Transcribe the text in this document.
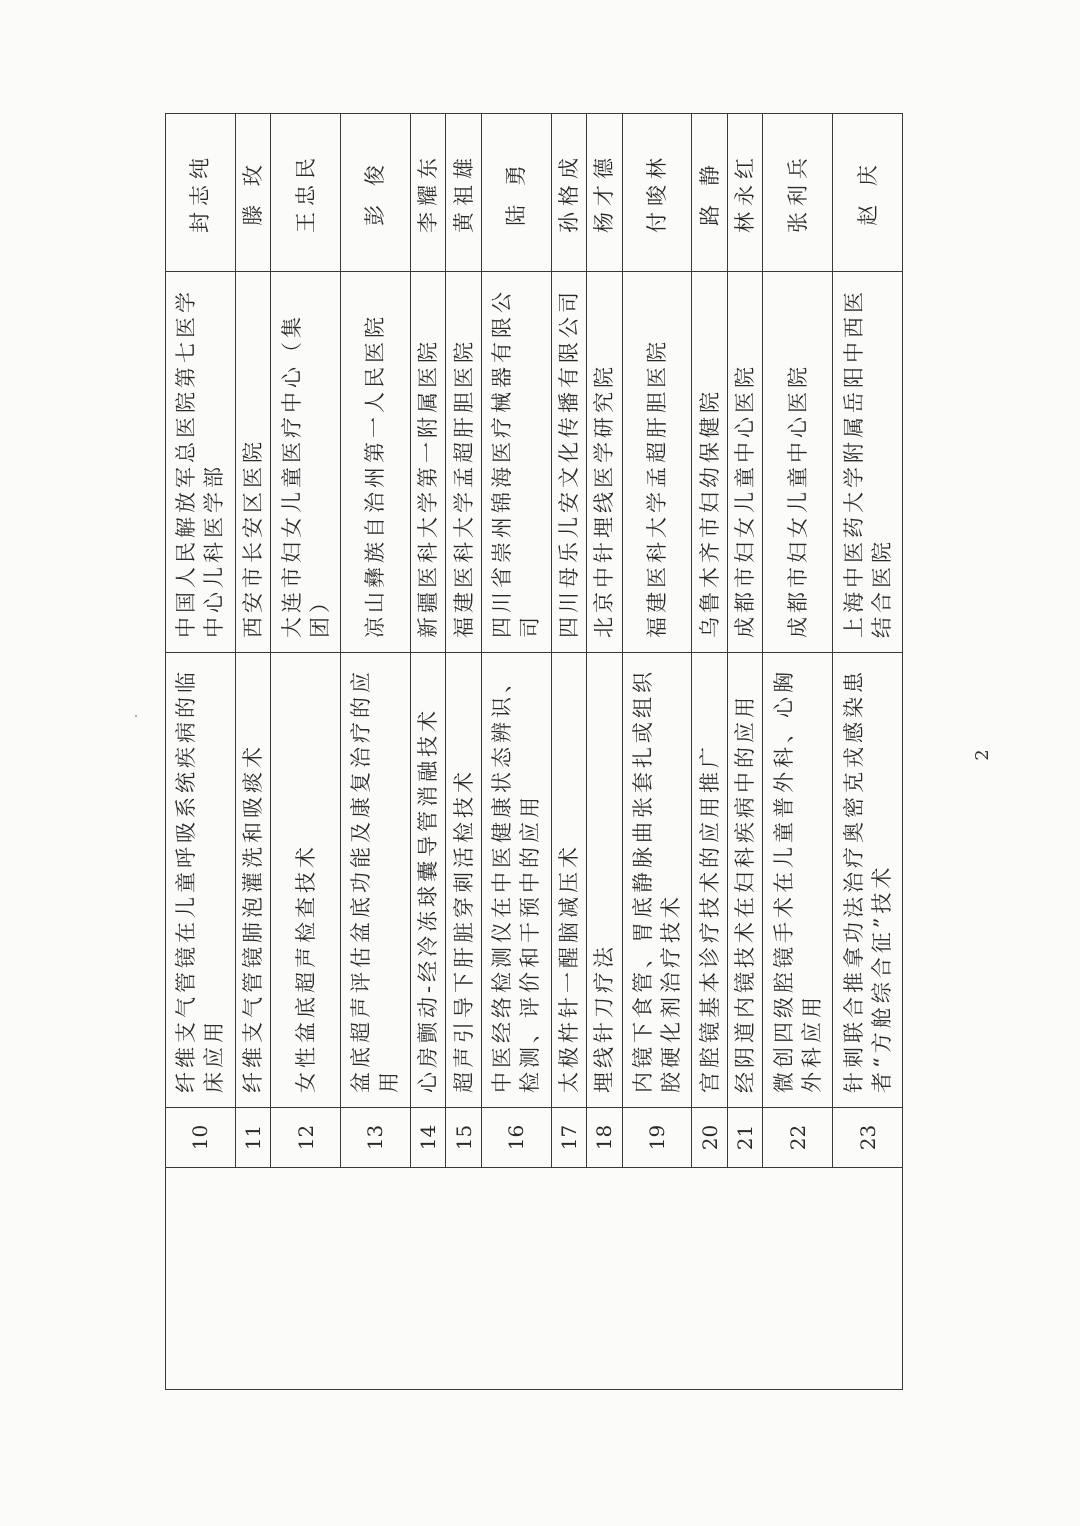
	10	纤维支气管镜在儿童呼吸系统疾病的临床应用	中国人民解放军总医院第七医学中心儿科医学部	封志纯
	11	纤维支气管镜肺泡灌洗和吸痰术	西安市长安区医院	滕 玫
	12	女性盆底超声检查技术	大连市妇女儿童医疗中心（集团）	王忠民
	13	盆底超声评估盆底功能及康复治疗的应用	凉山彝族自治州第一人民医院	彭 俊
	14	心房颤动-经冷冻球囊导管消融技术	新疆医科大学第一附属医院	李耀东
	15	超声引导下肝脏穿刺活检技术	福建医科大学孟超肝胆医院	黄祖雄
	16	中医经络检测仪在中医健康状态辨识、检测、评价和干预中的应用	四川省崇州锦海医疗械器有限公司	陆 勇
	17	太极杵针一醒脑减压术	四川母乐儿安文化传播有限公司	孙格成
	18	埋线针刀疗法	北京中针埋线医学研究院	杨才德
	19	内镜下食管、胃底静脉曲张套扎或组织胶硬化剂治疗技术	福建医科大学孟超肝胆医院	付唆林
	20	宫腔镜基本诊疗技术的应用推广	乌鲁木齐市妇幼保健院	路 静
	21	经阴道内镜技术在妇科疾病中的应用	成都市妇女儿童中心医院	林永红
	22	微创四级腔镜手术在儿童普外科、心胸外科应用	成都市妇女儿童中心医院	张利兵
	23	针刺联合推拿功法治疗奥密克戎感染患者“方舱综合征”技术	上海中医药大学附属岳阳中西医结合医院	赵 庆
2
